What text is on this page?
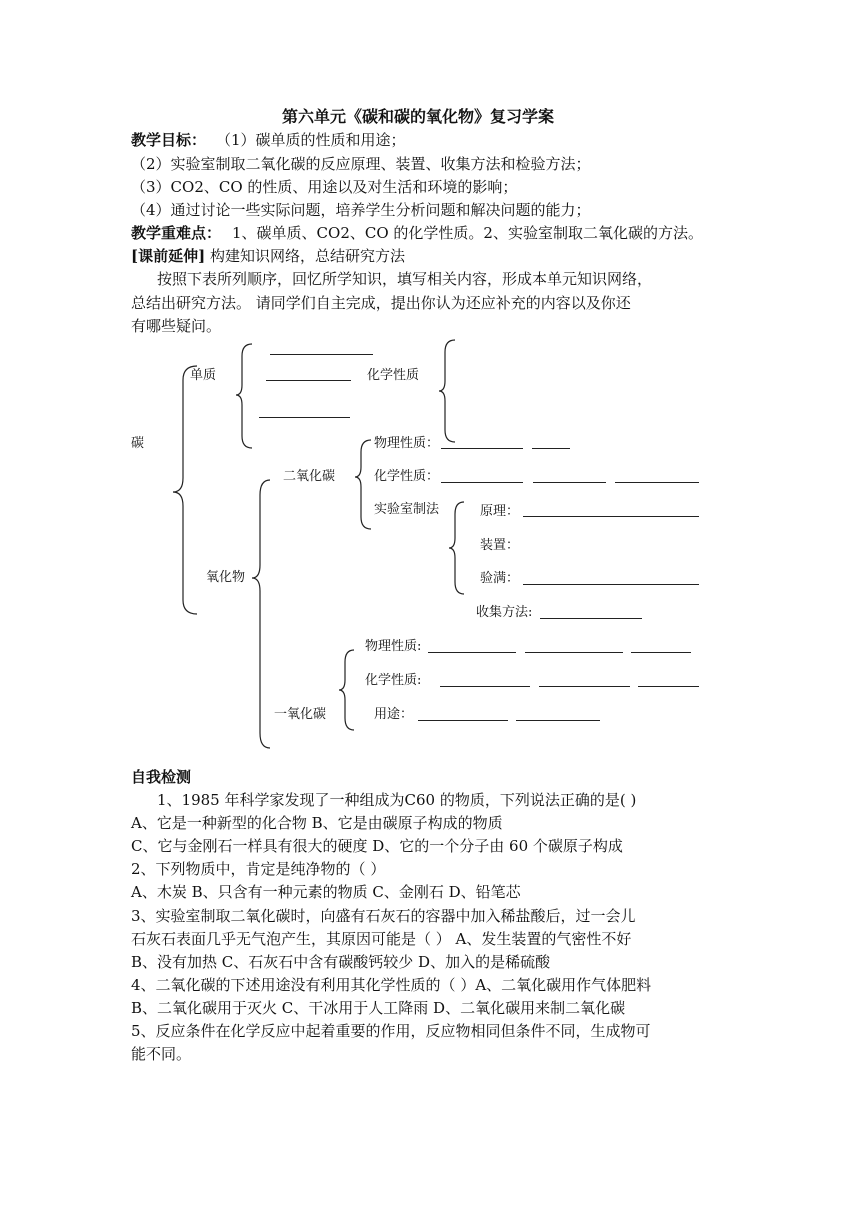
第六单元《碳和碳的氧化物》复习学案
教学目标： （1）碳单质的性质和用途；
（2）实验室制取二氧化碳的反应原理、装置、收集方法和检验方法；
（3）CO2、CO 的性质、用途以及对生活和环境的影响；
（4）通过讨论一些实际问题，培养学生分析问题和解决问题的能力；
教学重难点： 1、碳单质、CO2、CO 的化学性质。2、实验室制取二氧化碳的方法。
[课前延伸] 构建知识网络，总结研究方法
按照下表所列顺序，回忆所学知识，填写相关内容，形成本单元知识网络，
总结出研究方法。 请同学们自主完成，提出你认为还应补充的内容以及你还
有哪些疑问。
碳
单质	化学性质
物理性质：
二氧化碳	化学性质：
实验室制法	原理：
装置：
氧化物	验满：
收集方法:
物理性质:
化学性质:
一氧化碳	用途：
自我检测
1、1985 年科学家发现了一种组成为C60 的物质，下列说法正确的是( )
A、它是一种新型的化合物 B、它是由碳原子构成的物质
C、它与金刚石一样具有很大的硬度 D、它的一个分子由 60 个碳原子构成
2、下列物质中，肯定是纯净物的（ ）
A、木炭 B、只含有一种元素的物质 C、金刚石 D、铅笔芯
3、实验室制取二氧化碳时，向盛有石灰石的容器中加入稀盐酸后，过一会儿
石灰石表面几乎无气泡产生，其原因可能是（ ） A、发生装置的气密性不好
B、没有加热 C、石灰石中含有碳酸钙较少 D、加入的是稀硫酸
4、二氧化碳的下述用途没有利用其化学性质的（ ）A、二氧化碳用作气体肥料
B、二氧化碳用于灭火 C、干冰用于人工降雨 D、二氧化碳用来制二氧化碳
5、反应条件在化学反应中起着重要的作用，反应物相同但条件不同，生成物可
能不同。
